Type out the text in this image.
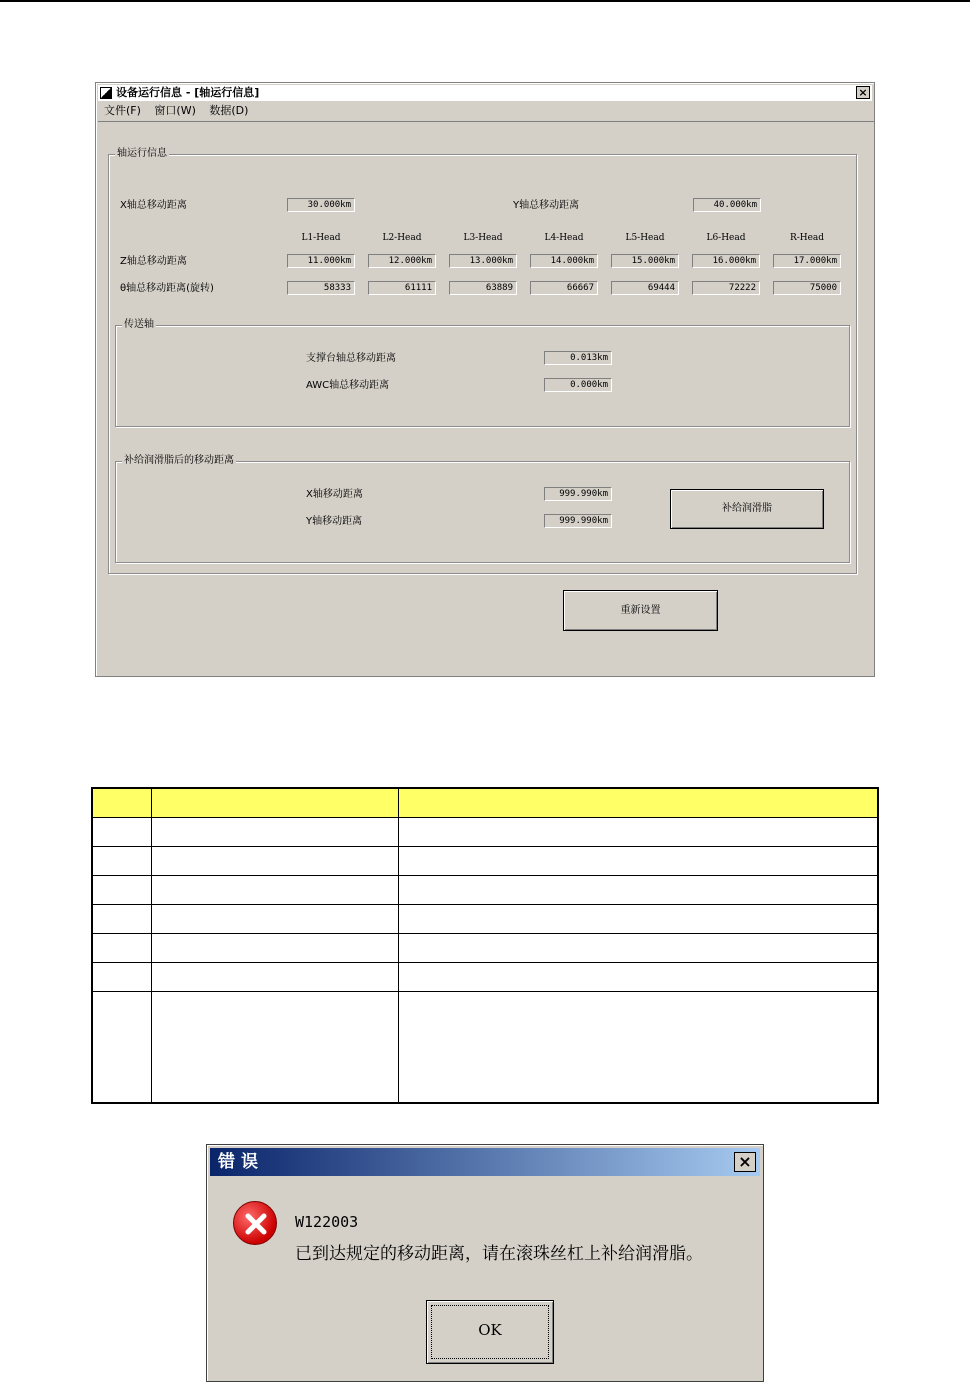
设备运行信息 - [轴运行信息]	×
文件(F) 窗口(W) 数据(D)
轴运行信息
X轴总移动距离	30.000km	Y轴总移动距离	40.000km
L1-Head	L2-Head	L3-Head	L4-Head	L5-Head	L6-Head	R-Head
Z轴总移动距离	11.000km	12.000km	13.000km	14.000km	15.000km	16.000km	17.000km
θ轴总移动距离(旋转)	58333	61111	63889	66667	69444	72222	75000
传送轴
支撑台轴总移动距离	0.013km
AWC轴总移动距离	0.000km
补给润滑脂后的移动距离
X轴移动距离	999.990km
Y轴移动距离	999.990km
补给润滑脂
重新设置

错误	×
W122003
已到达规定的移动距离，请在滚珠丝杠上补给润滑脂。
OK
